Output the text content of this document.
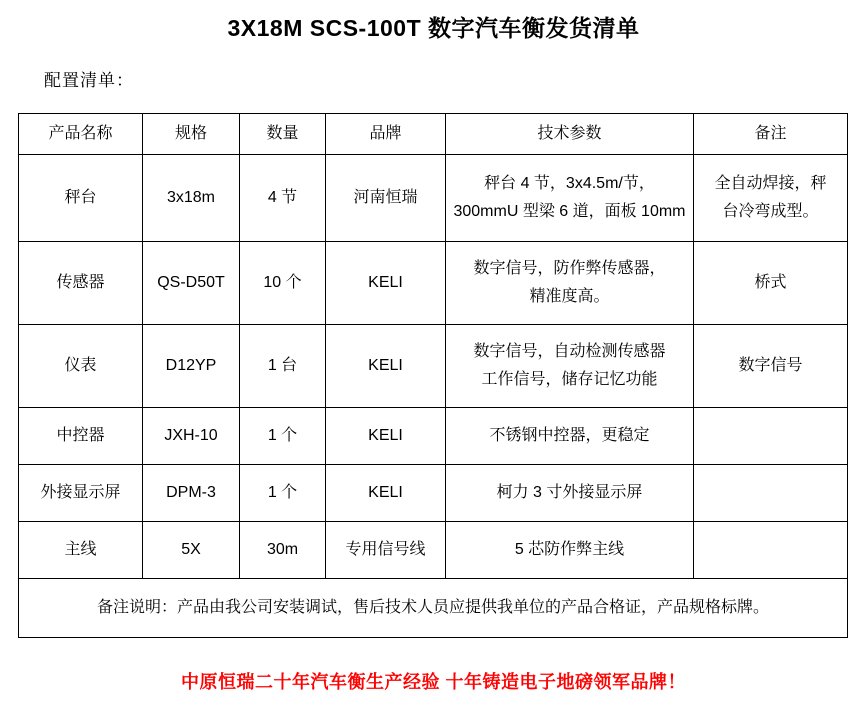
3X18M SCS-100T 数字汽车衡发货清单
配置清单：
产品名称	规格	数量	品牌	技术参数	备注
秤台	3x18m	4 节	河南恒瑞	秤台 4 节，3x4.5m/节，
300mmU 型梁 6 道，面板 10mm	全自动焊接，秤
台冷弯成型。

传感器	QS-D50T	10 个	KELI	数字信号，防作弊传感器，
精准度高。	桥式
仪表	D12YP	1 台	KELI	数字信号，自动检测传感器
工作信号，储存记忆功能	数字信号
中控器	JXH-10	1 个	KELI	不锈钢中控器，更稳定	
外接显示屏	DPM-3	1 个	KELI	柯力 3 寸外接显示屏	
主线	5X	30m	专用信号线	5 芯防作弊主线	
备注说明：产品由我公司安装调试，售后技术人员应提供我单位的产品合格证，产品规格标牌。					
中原恒瑞二十年汽车衡生产经验 十年铸造电子地磅领军品牌！
